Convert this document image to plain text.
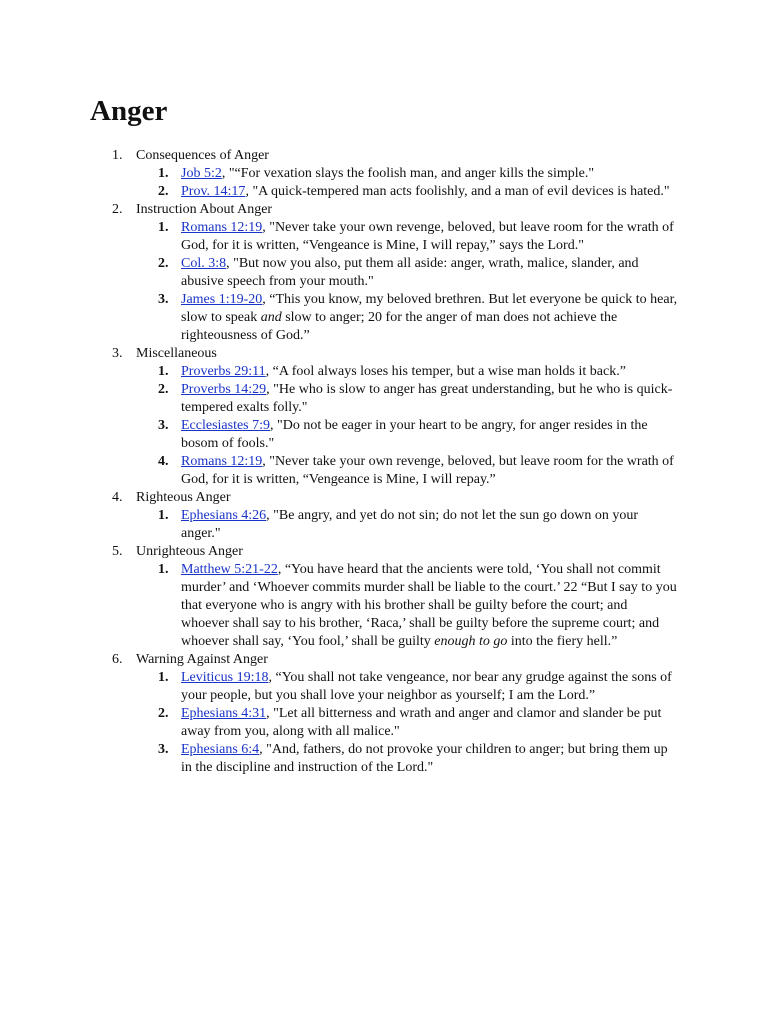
Anger
1. Consequences of Anger
1. Job 5:2, "“For vexation slays the foolish man, and anger kills the simple."
2. Prov. 14:17, "A quick-tempered man acts foolishly, and a man of evil devices is hated."
2. Instruction About Anger
1. Romans 12:19, "Never take your own revenge, beloved, but leave room for the wrath of God, for it is written, “Vengeance is Mine, I will repay,” says the Lord."
2. Col. 3:8, "But now you also, put them all aside: anger, wrath, malice, slander, and abusive speech from your mouth."
3. James 1:19-20, “This you know, my beloved brethren. But let everyone be quick to hear, slow to speak and slow to anger; 20 for the anger of man does not achieve the righteousness of God.”
3. Miscellaneous
1. Proverbs 29:11, “A fool always loses his temper, but a wise man holds it back.”
2. Proverbs 14:29, "He who is slow to anger has great understanding, but he who is quick-tempered exalts folly."
3. Ecclesiastes 7:9, "Do not be eager in your heart to be angry, for anger resides in the bosom of fools."
4. Romans 12:19, "Never take your own revenge, beloved, but leave room for the wrath of God, for it is written, “Vengeance is Mine, I will repay.”
4. Righteous Anger
1. Ephesians 4:26, "Be angry, and yet do not sin; do not let the sun go down on your anger."
5. Unrighteous Anger
1. Matthew 5:21-22, “You have heard that the ancients were told, ‘You shall not commit murder’ and ‘Whoever commits murder shall be liable to the court.’ 22 “But I say to you that everyone who is angry with his brother shall be guilty before the court; and whoever shall say to his brother, ‘Raca,’ shall be guilty before the supreme court; and whoever shall say, ‘You fool,’ shall be guilty enough to go into the fiery hell.”
6. Warning Against Anger
1. Leviticus 19:18, “You shall not take vengeance, nor bear any grudge against the sons of your people, but you shall love your neighbor as yourself; I am the Lord.”
2. Ephesians 4:31, "Let all bitterness and wrath and anger and clamor and slander be put away from you, along with all malice."
3. Ephesians 6:4, "And, fathers, do not provoke your children to anger; but bring them up in the discipline and instruction of the Lord."
